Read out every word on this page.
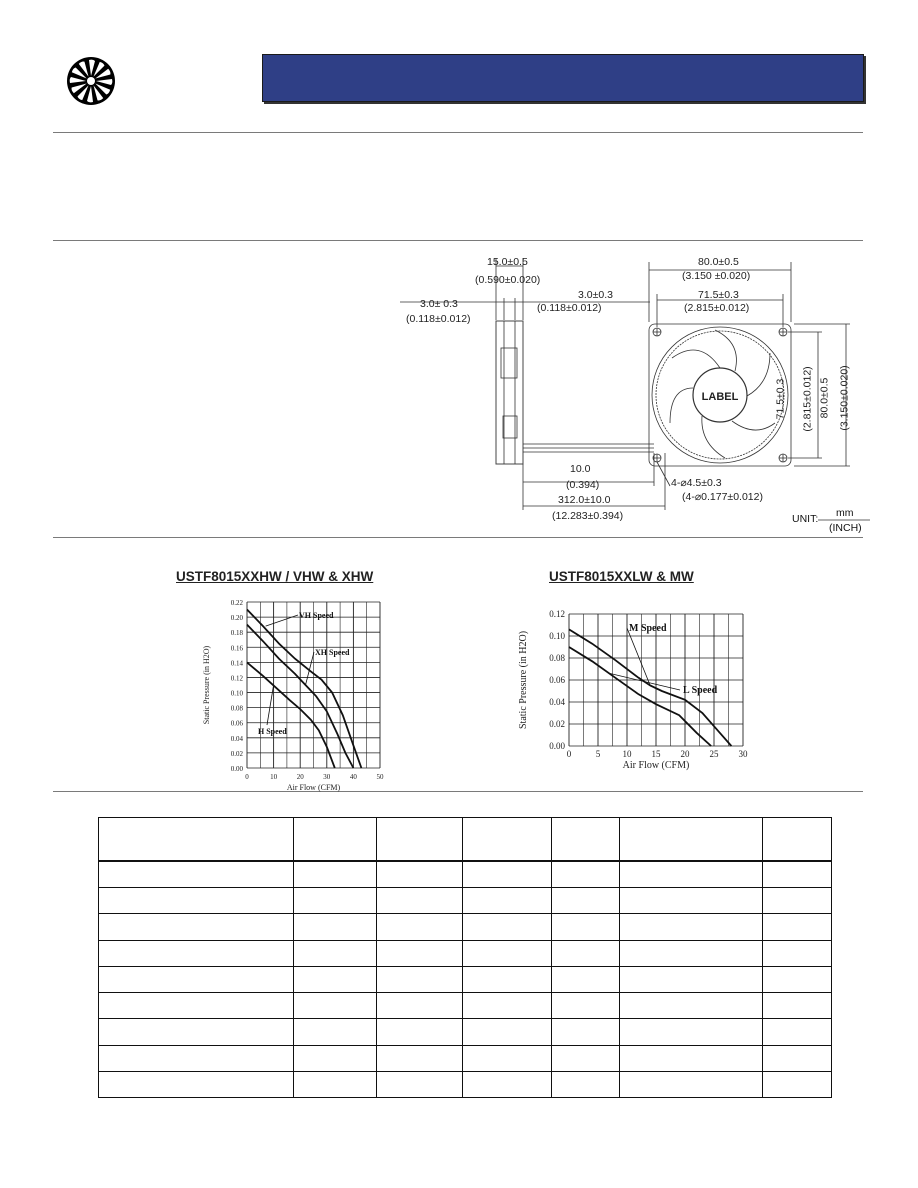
LABEL
15.0±0.5
(0.590±0.020)
3.0± 0.3
(0.118±0.012)
3.0±0.3
(0.118±0.012)
80.0±0.5
(3.150 ±0.020)
71.5±0.3
(2.815±0.012)
71.5±0.3 (2.815±0.012) 80.0±0.5 (3.150±0.020)
10.0
(0.394)
312.0±10.0
(12.283±0.394)
4-⌀4.5±0.3
(4-⌀0.177±0.012)
UNIT: mm
(INCH)
USTF8015XXHW / VHW & XHW	USTF8015XXLW & MW
0	10	20	30	40	50
0.00
0.02
0.04
0.06
0.08
0.10
0.12
0.14
0.16
0.18
0.20
0.22
Air Flow (CFM)
Static Pressure (in H2O)
VH Speed
XH Speed
H Speed
0	5 10 15 20 25 30
0.00
0.02
0.04
0.06
0.08
0.10
0.12
Air Flow (CFM)
Static Pressure (in H2O)	L Speed
M Speed
